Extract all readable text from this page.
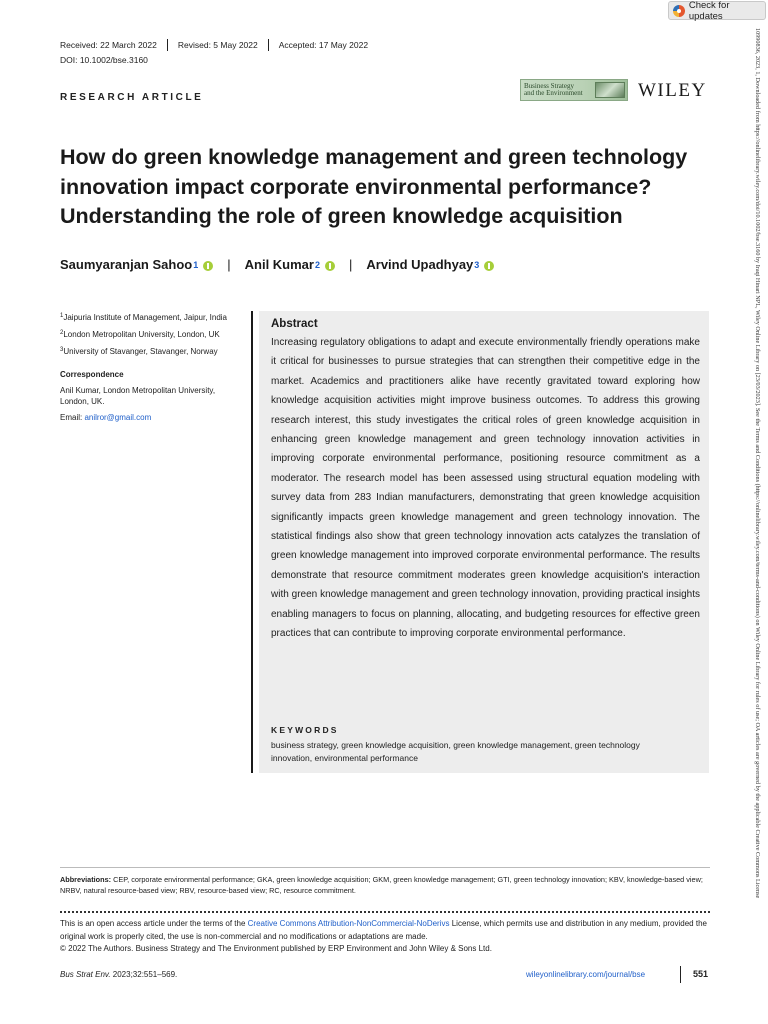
Check for updates
Received: 22 March 2022	Revised: 5 May 2022	Accepted: 17 May 2022
DOI: 10.1002/bse.3160
RESEARCH ARTICLE
Business Strategy
and the Environment	WILEY
How do green knowledge management and green technology innovation impact corporate environmental performance? Understanding the role of green knowledge acquisition
Saumyaranjan Sahoo 1 | Anil Kumar 2 | Arvind Upadhyay 3

$^1$Jaipuria Institute of Management, Jaipur, India

$^2$London Metropolitan University, London, UK

$^3$University of Stavanger, Stavanger, Norway

Correspondence

Anil Kumar, London Metropolitan University, London, UK.

Email: anilror@gmail.com

Abstract

Increasing regulatory obligations to adapt and execute environmentally friendly operations make it critical for businesses to pursue strategies that can strengthen their competitive edge in the market. Academics and practitioners alike have recently gravitated toward exploring how knowledge acquisition activities might improve business outcomes. To address this growing research interest, this study investigates the critical roles of green knowledge acquisition in enhancing green knowledge management and green technology innovation activities in improving corporate environmental performance, positioning resource commitment as a moderator. The research model has been assessed using structural equation modeling with survey data from 283 Indian manufacturers, demonstrating that green knowledge acquisition significantly impacts green knowledge management and green technology innovation. The statistical findings also show that green technology innovation acts catalyzes the translation of green knowledge management into improved corporate environmental performance. The results demonstrate that resource commitment moderates green knowledge acquisition's interaction with green knowledge management and green technology innovation, providing practical insights enabling managers to focus on planning, allocating, and budgeting resources for effective green practices that can contribute to improving corporate environmental performance.

KEYWORDS

business strategy, green knowledge acquisition, green knowledge management, green technology innovation, environmental performance

Abbreviations: CEP, corporate environmental performance; GKA, green knowledge acquisition; GKM, green knowledge management; GTI, green technology innovation; KBV, knowledge-based view; NRBV, natural resource-based view; RBV, resource-based view; RC, resource commitment.

This is an open access article under the terms of the Creative Commons Attribution-NonCommercial-NoDerivs License, which permits use and distribution in any medium, provided the original work is properly cited, the use is non-commercial and no modifications or adaptations are made.

© 2022 The Authors. Business Strategy and The Environment published by ERP Environment and John Wiley & Sons Ltd.

Bus Strat Env. 2023;32:551–569.	wileyonlinelibrary.com/journal/bse	551
10990836, 2023, 1, Downloaded from https://onlinelibrary.wiley.com/doi/10.1002/bse.3160 by Iraqi Hinari NPL, Wiley Online Library on [23/03/2023]. See the Terms and Conditions (https://onlinelibrary.wiley.com/terms-and-conditions) on Wiley Online Library for rules of use; OA articles are governed by the applicable Creative Commons License
